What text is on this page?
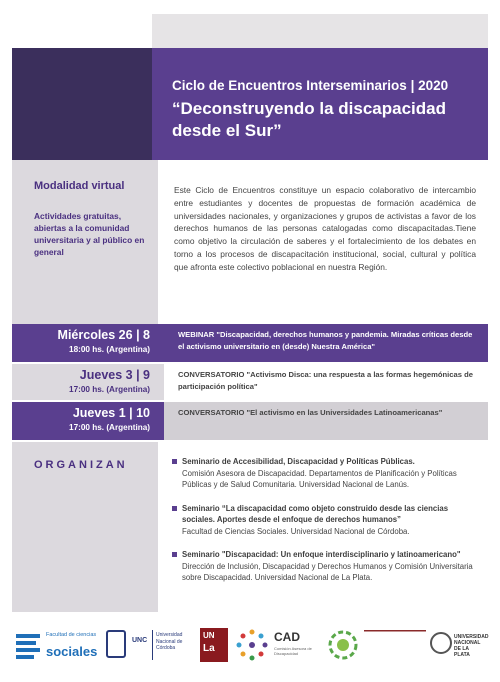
Ciclo de Encuentros Interseminarios | 2020
“Deconstruyendo la discapacidad
desde el Sur”
Modalidad virtual
Actividades gratuitas, abiertas a la comunidad universitaria y al público en general
Este Ciclo de Encuentros constituye un espacio colaborativo de intercambio entre estudiantes y docentes de propuestas de formación académica de universidades nacionales, y organizaciones y grupos de activistas a favor de los derechos humanos de las personas catalogadas como discapacitadas.Tiene como objetivo la circulación de saberes y el fortalecimiento de los debates en torno a los procesos de discapacitación institucional, social, cultural y política que afronta este colectivo poblacional en nuestra Región.
Miércoles 26 | 8
18:00 hs. (Argentina)
WEBINAR "Discapacidad, derechos humanos y pandemia. Miradas críticas desde el activismo universitario en (desde) Nuestra América"
Jueves 3 | 9
17:00 hs. (Argentina)
CONVERSATORIO "Activismo Disca: una respuesta a las formas hegemónicas de participación política"
Jueves 1 | 10
17:00 hs. (Argentina)
CONVERSATORIO "El activismo en las Universidades Latinoamericanas"
ORGANIZAN	Seminario de Accesibilidad, Discapacidad y Políticas Públicas.
Comisión Asesora de Discapacidad. Departamentos de Planificación y Políticas Públicas y de Salud Comunitaria. Universidad Nacional de Lanús.
Seminario “La discapacidad como objeto construido desde las ciencias sociales. Aportes desde el enfoque de derechos humanos”
Facultad de Ciencias Sociales. Universidad Nacional de Córdoba.
Seminario "Discapacidad: Un enfoque interdisciplinario y latinoamericano"
Dirección de Inclusión, Discapacidad y Derechos Humanos y Comisión Universitaria sobre Discapacidad. Universidad Nacional de La Plata.
Facultad de ciencias
sociales
UNC
Universidad Nacional de Córdoba
UN
La
CAD
Comisión Asesora de Discapacidad
UNIVERSIDAD NACIONAL DE LA PLATA
